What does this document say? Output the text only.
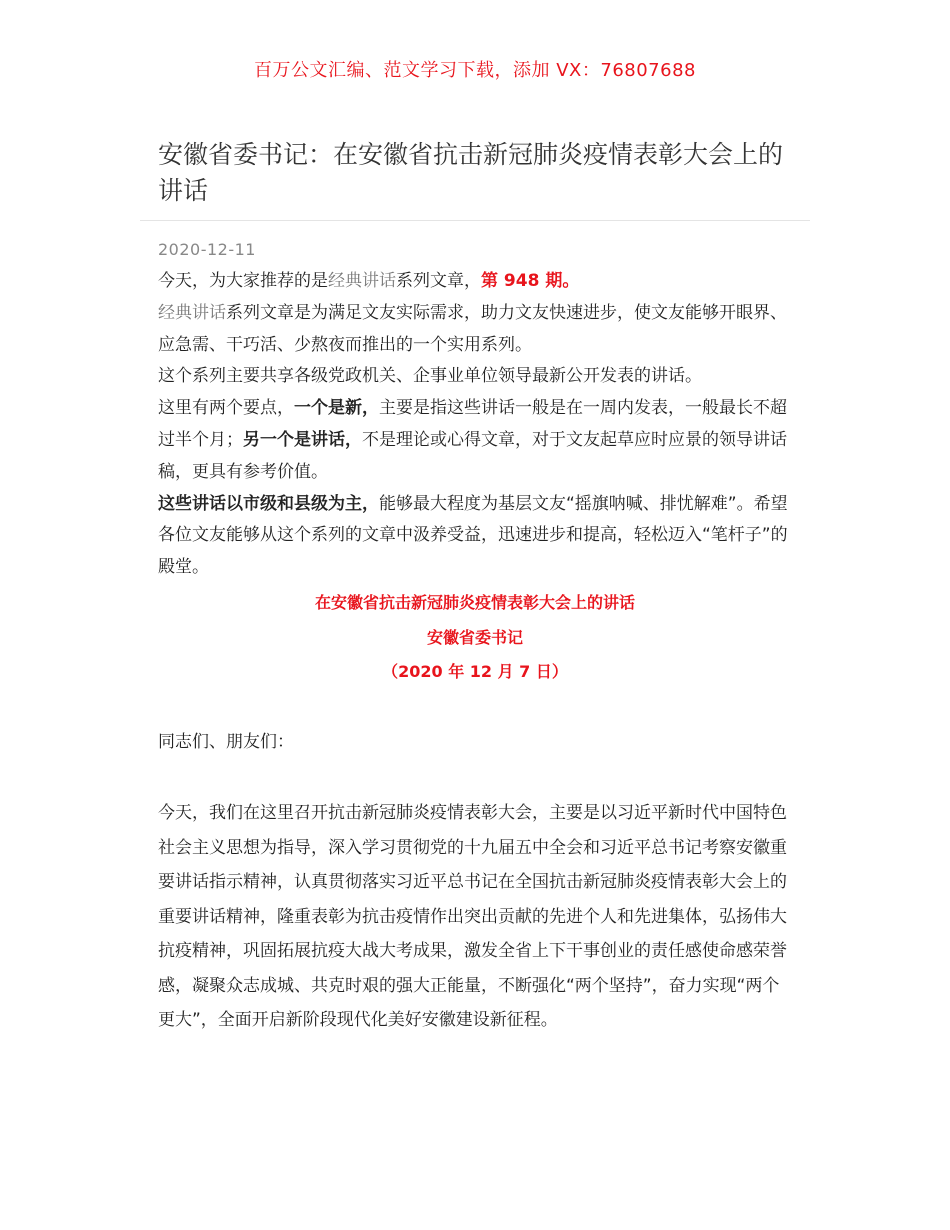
百万公文汇编、范文学习下载，添加 VX：76807688
安徽省委书记：在安徽省抗击新冠肺炎疫情表彰大会上的讲话
2020-12-11

今天，为大家推荐的是经典讲话系列文章，第 948 期。

经典讲话系列文章是为满足文友实际需求，助力文友快速进步，使文友能够开眼界、应急需、干巧活、少熬夜而推出的一个实用系列。

这个系列主要共享各级党政机关、企事业单位领导最新公开发表的讲话。

这里有两个要点，一个是新，主要是指这些讲话一般是在一周内发表，一般最长不超过半个月；另一个是讲话，不是理论或心得文章，对于文友起草应时应景的领导讲话稿，更具有参考价值。

这些讲话以市级和县级为主，能够最大程度为基层文友“摇旗呐喊、排忧解难”。希望各位文友能够从这个系列的文章中汲养受益，迅速进步和提高，轻松迈入“笔杆子”的殿堂。

在安徽省抗击新冠肺炎疫情表彰大会上的讲话
安徽省委书记
（2020 年 12 月 7 日）
同志们、朋友们：

今天，我们在这里召开抗击新冠肺炎疫情表彰大会，主要是以习近平新时代中国特色社会主义思想为指导，深入学习贯彻党的十九届五中全会和习近平总书记考察安徽重要讲话指示精神，认真贯彻落实习近平总书记在全国抗击新冠肺炎疫情表彰大会上的重要讲话精神，隆重表彰为抗击疫情作出突出贡献的先进个人和先进集体，弘扬伟大抗疫精神，巩固拓展抗疫大战大考成果，激发全省上下干事创业的责任感使命感荣誉感，凝聚众志成城、共克时艰的强大正能量，不断强化“两个坚持”，奋力实现“两个更大”，全面开启新阶段现代化美好安徽建设新征程。
